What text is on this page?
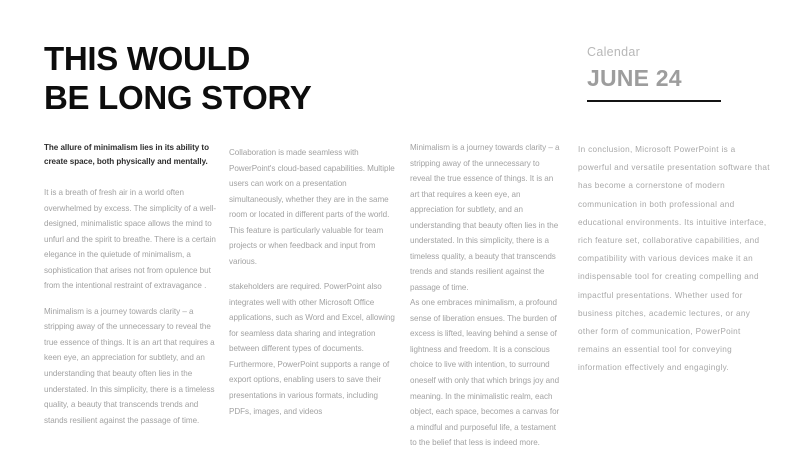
THIS WOULD
BE LONG STORY
Calendar
JUNE 24

The allure of minimalism lies in its ability to create space, both physically and mentally.

It is a breath of fresh air in a world often overwhelmed by excess. The simplicity of a well-designed, minimalistic space allows the mind to unfurl and the spirit to breathe. There is a certain elegance in the quietude of minimalism, a sophistication that arises not from opulence but from the intentional restraint of extravagance .

Minimalism is a journey towards clarity – a stripping away of the unnecessary to reveal the true essence of things. It is an art that requires a keen eye, an appreciation for subtlety, and an understanding that beauty often lies in the understated. In this simplicity, there is a timeless quality, a beauty that transcends trends and stands resilient against the passage of time.

Collaboration is made seamless with PowerPoint's cloud-based capabilities. Multiple users can work on a presentation simultaneously, whether they are in the same room or located in different parts of the world. This feature is particularly valuable for team projects or when feedback and input from various.

stakeholders are required. PowerPoint also integrates well with other Microsoft Office applications, such as Word and Excel, allowing for seamless data sharing and integration between different types of documents.

Furthermore, PowerPoint supports a range of export options, enabling users to save their presentations in various formats, including PDFs, images, and videos

Minimalism is a journey towards clarity – a stripping away of the unnecessary to reveal the true essence of things. It is an art that requires a keen eye, an appreciation for subtlety, and an understanding that beauty often lies in the understated. In this simplicity, there is a timeless quality, a beauty that transcends trends and stands resilient against the passage of time.

As one embraces minimalism, a profound sense of liberation ensues. The burden of excess is lifted, leaving behind a sense of lightness and freedom. It is a conscious choice to live with intention, to surround oneself with only that which brings joy and meaning. In the minimalistic realm, each object, each space, becomes a canvas for a mindful and purposeful life, a testament to the belief that less is indeed more.

In conclusion, Microsoft PowerPoint is a powerful and versatile presentation software that has become a cornerstone of modern communication in both professional and educational environments. Its intuitive interface, rich feature set, collaborative capabilities, and compatibility with various devices make it an indispensable tool for creating compelling and impactful presentations. Whether used for business pitches, academic lectures, or any other form of communication, PowerPoint remains an essential tool for conveying information effectively and engagingly.
